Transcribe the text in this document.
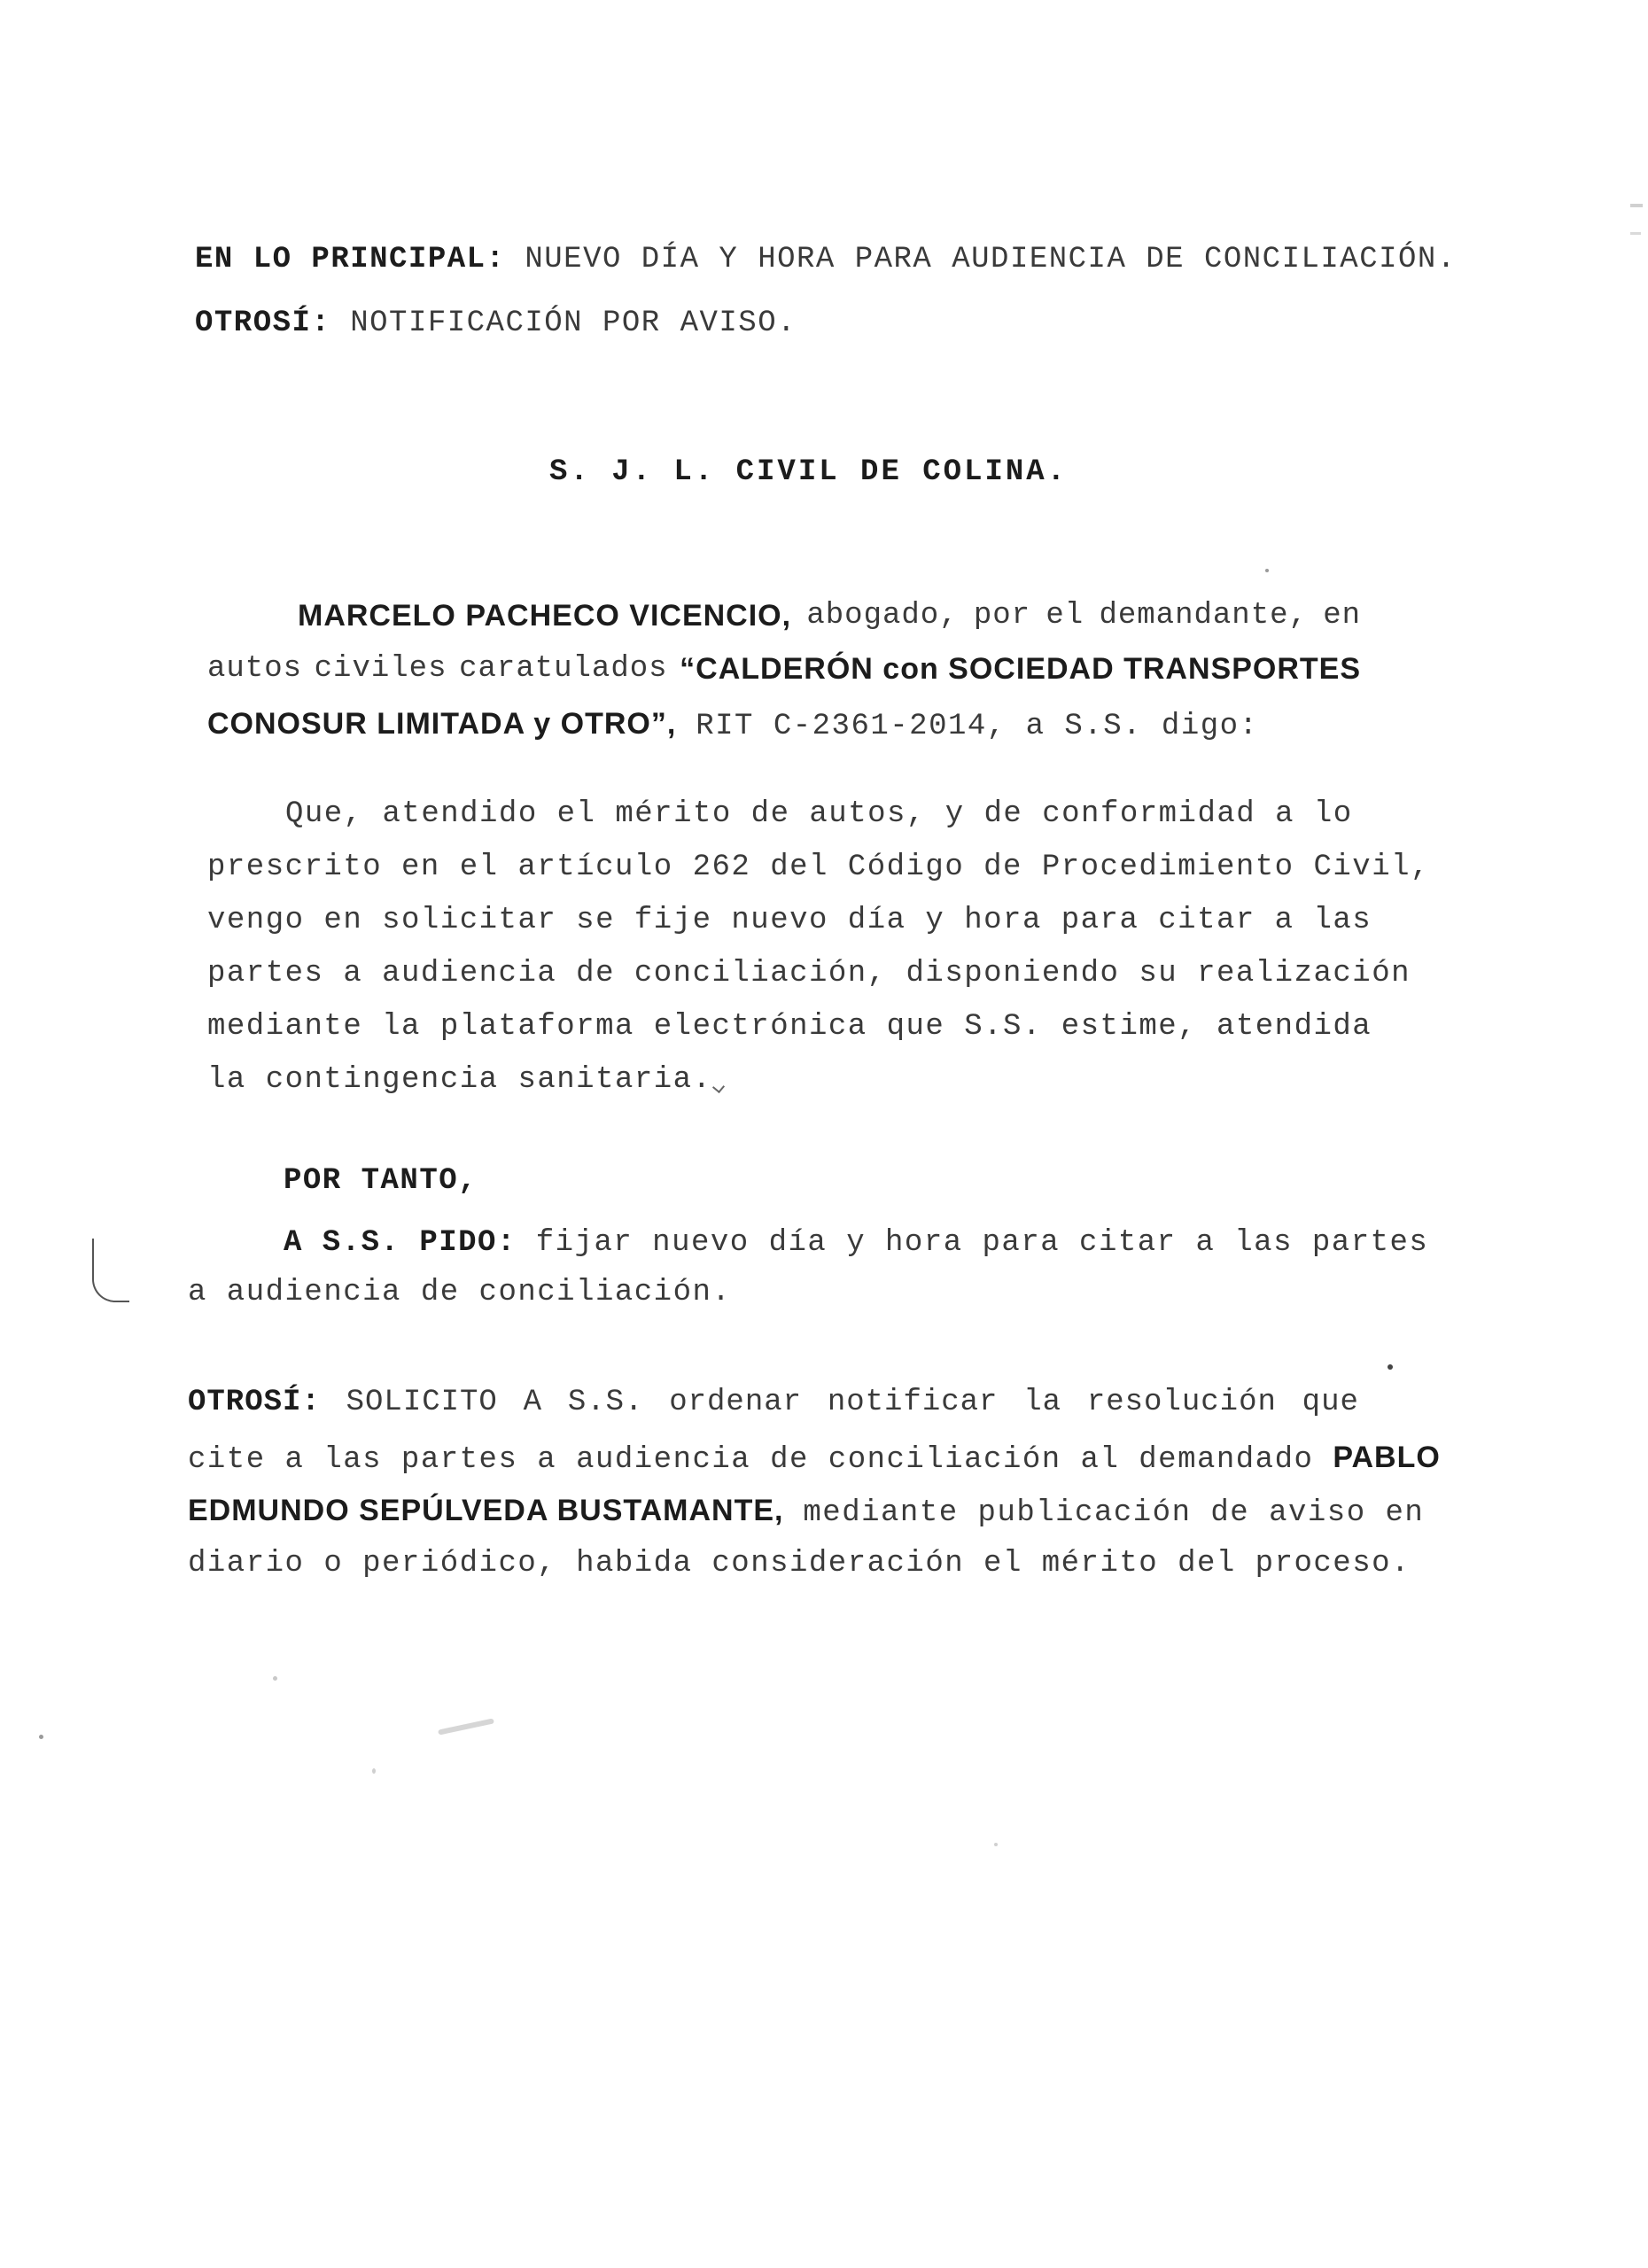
EN LO PRINCIPAL: NUEVO DÍA Y HORA PARA AUDIENCIA DE CONCILIACIÓN.
OTROSÍ: NOTIFICACIÓN POR AVISO.
S. J. L. CIVIL DE COLINA.
MARCELO PACHECO VICENCIO, abogado, por el demandante, en
autos civiles caratulados “CALDERÓN con SOCIEDAD TRANSPORTES
CONOSUR LIMITADA y OTRO”, RIT C-2361-2014, a S.S. digo:
Que, atendido el mérito de autos, y de conformidad a lo
prescrito en el artículo 262 del Código de Procedimiento Civil,
vengo en solicitar se fije nuevo día y hora para citar a las
partes a audiencia de conciliación, disponiendo su realización
mediante la plataforma electrónica que S.S. estime, atendida
la contingencia sanitaria.
POR TANTO,
A S.S. PIDO: fijar nuevo día y hora para citar a las partes
a audiencia de conciliación.
OTROSÍ: SOLICITO A S.S. ordenar notificar la resolución que
cite a las partes a audiencia de conciliación al demandado PABLO
EDMUNDO SEPÚLVEDA BUSTAMANTE, mediante publicación de aviso en
diario o periódico, habida consideración el mérito del proceso.
